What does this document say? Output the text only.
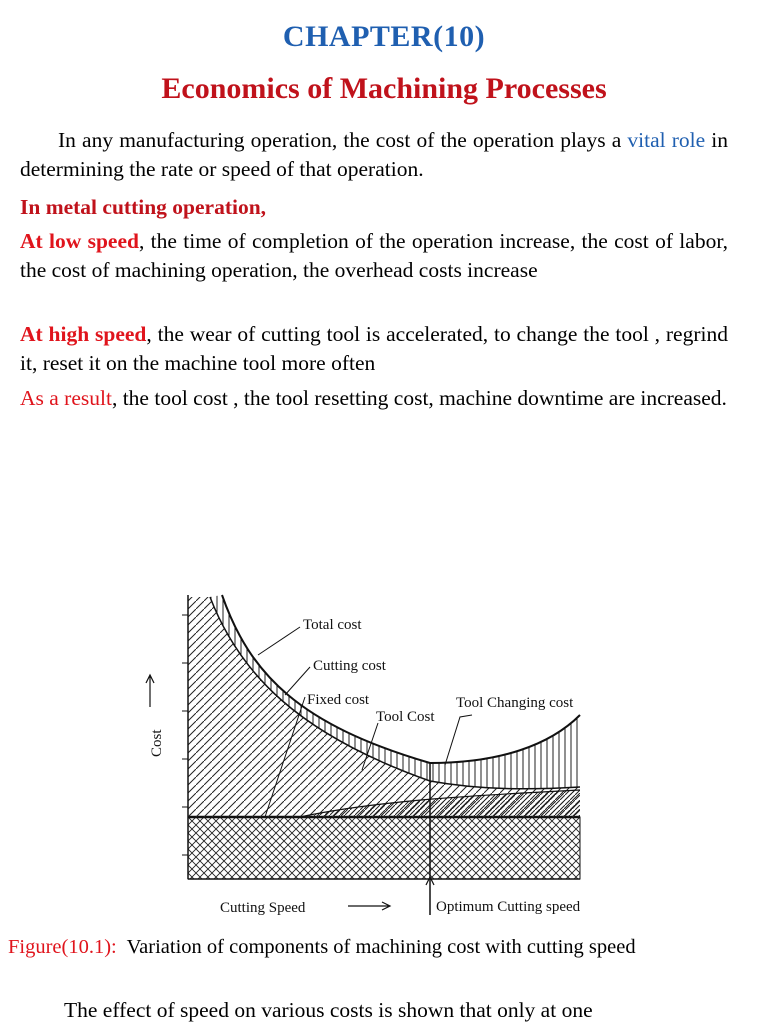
CHAPTER(10)
Economics of Machining Processes
In any manufacturing operation, the cost of the operation plays a vital role in determining the rate or speed of that operation.
In metal cutting operation,
At low speed, the time of completion of the operation increase, the cost of labor, the cost of machining operation, the overhead costs increase
At high speed, the wear of cutting tool is accelerated, to change the tool , regrind it, reset it on the machine tool more often
As a result, the tool cost , the tool resetting cost, machine downtime are increased.
Total cost
Cutting cost
Fixed cost
Tool Cost
Tool Changing cost
Cost
Cutting Speed	Optimum Cutting speed
Figure(10.1):  Variation of components of machining cost with cutting speed
The effect of speed on various costs is shown that only at one
